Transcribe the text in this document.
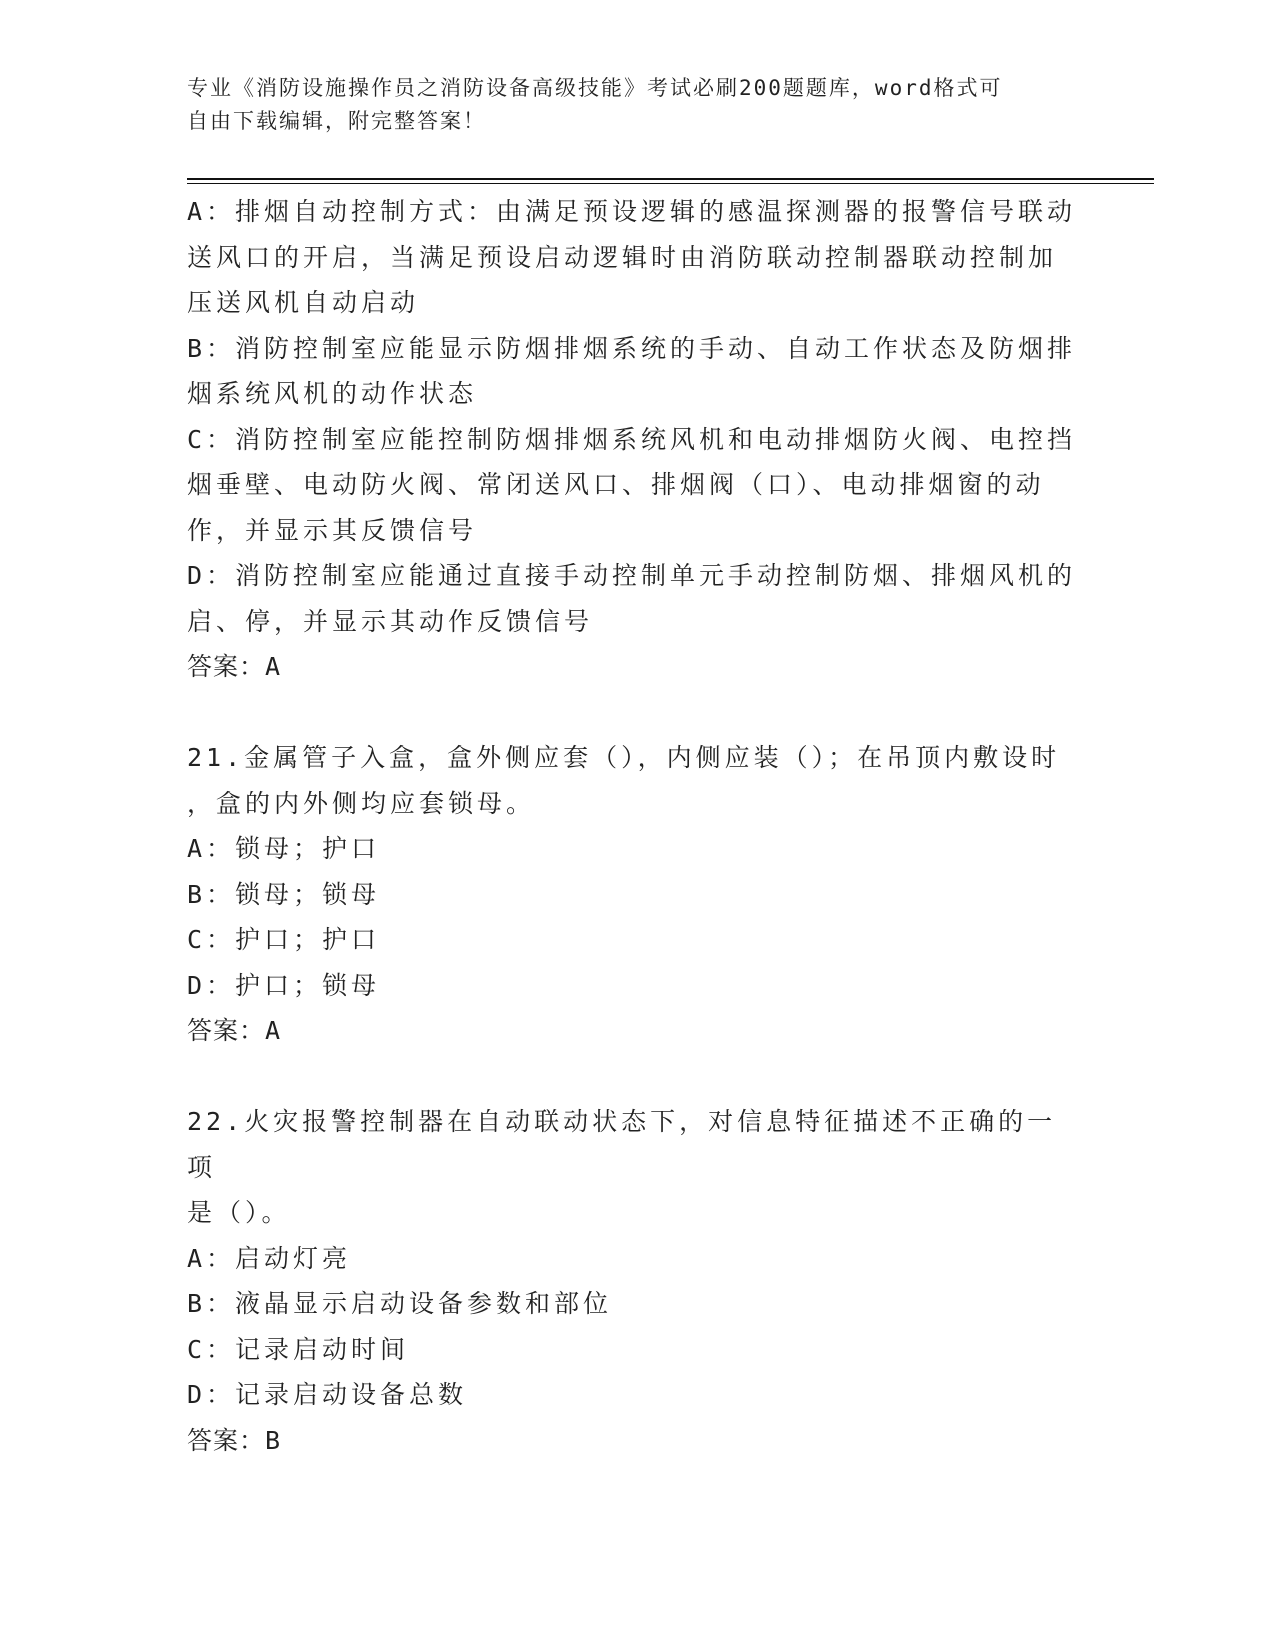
专业《消防设施操作员之消防设备高级技能》考试必刷200题题库，word格式可
自由下载编辑，附完整答案！
A：排烟自动控制方式：由满足预设逻辑的感温探测器的报警信号联动
送风口的开启，当满足预设启动逻辑时由消防联动控制器联动控制加
压送风机自动启动
B：消防控制室应能显示防烟排烟系统的手动、自动工作状态及防烟排
烟系统风机的动作状态
C：消防控制室应能控制防烟排烟系统风机和电动排烟防火阀、电控挡
烟垂壁、电动防火阀、常闭送风口、排烟阀（口）、电动排烟窗的动
作，并显示其反馈信号
D：消防控制室应能通过直接手动控制单元手动控制防烟、排烟风机的
启、停，并显示其动作反馈信号
答案：A
21.金属管子入盒，盒外侧应套（），内侧应装（）；在吊顶内敷设时
，盒的内外侧均应套锁母。
A：锁母；护口
B：锁母；锁母
C：护口；护口
D：护口；锁母
答案：A
22.火灾报警控制器在自动联动状态下，对信息特征描述不正确的一项
是（）。
A：启动灯亮
B：液晶显示启动设备参数和部位
C：记录启动时间
D：记录启动设备总数
答案：B
